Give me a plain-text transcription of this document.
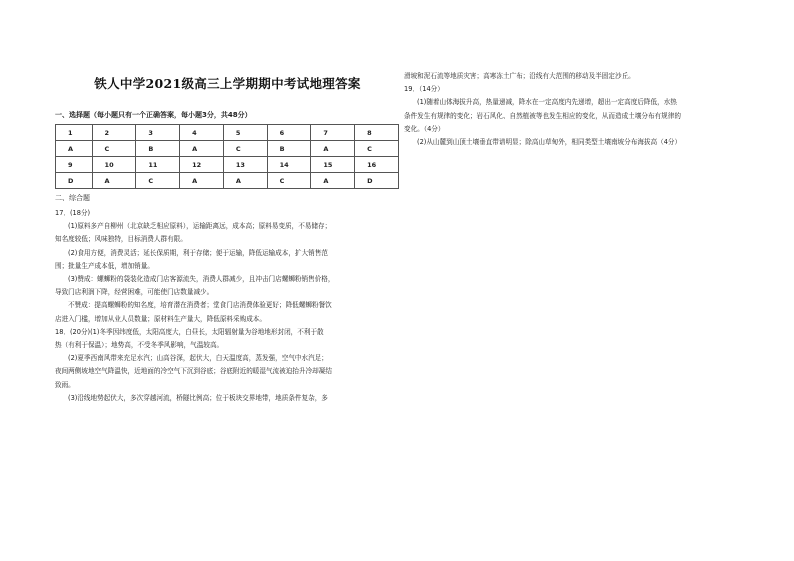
铁人中学2021级高三上学期期中考试地理答案
一、选择题（每小题只有一个正确答案，每小题3分，共48分）
1	2	3	4	5	6	7	8
A	C	B	A	C	B	A	C
9	10	11	12	13	14	15	16
D	A	C	A	A	C	A	D
二、综合题

17．(18分)

(1)原料多产自柳州（北京缺乏相应原料），运输距离远，成本高；原料易变质，不易储存；

知名度较低；风味独特，目标消费人群有限。

(2)食用方便，消费灵活；延长保质期，利于存储；便于运输，降低运输成本，扩大销售范

围；批量生产成本低，增加销量。

(3)赞成：螺蛳粉的袋装化造成门店客源流失，消费人群减少，且冲击门店螺蛳粉销售价格，

导致门店利润下降，经营困难，可能使门店数量减少。

不赞成：提高螺蛳粉的知名度，培育潜在消费者；堂食门店消费体验更好；降低螺蛳粉餐饮

店进入门槛，增加从业人员数量；原材料生产量大，降低原料采购成本。

18．(20分)(1)冬季因纬度低，太阳高度大，白昼长，太阳辐射量为谷地地形封闭，不利于散

热（有利于保温）；地势高，不受冬季风影响，气温较高。

(2)夏季西南风带来充足水汽；山高谷深，起伏大，白天温度高，蒸发强，空气中水汽足；

夜间两侧坡地空气降温快，近地面的冷空气下沉到谷底；谷底附近的暖湿气流被迫抬升冷却凝结

致雨。

(3)沿线地势起伏大，多次穿越河流，桥隧比例高；位于板块交界地带，地质条件复杂，多

滑坡和泥石流等地质灾害；高寒冻土广布；沿线有大范围的移动及半固定沙丘。

19．（14分）

(1)随着山体海拔升高，热量递减，降水在一定高度内先递增，超出一定高度后降低，水热

条件发生有规律的变化；岩石风化、自然植被等也发生相应的变化，从而造成土壤分布有规律的

变化。（4分）

(2)从山麓到山顶土壤垂直带谱明显；除高山草甸外，相同类型土壤南坡分布海拔高（4分）
